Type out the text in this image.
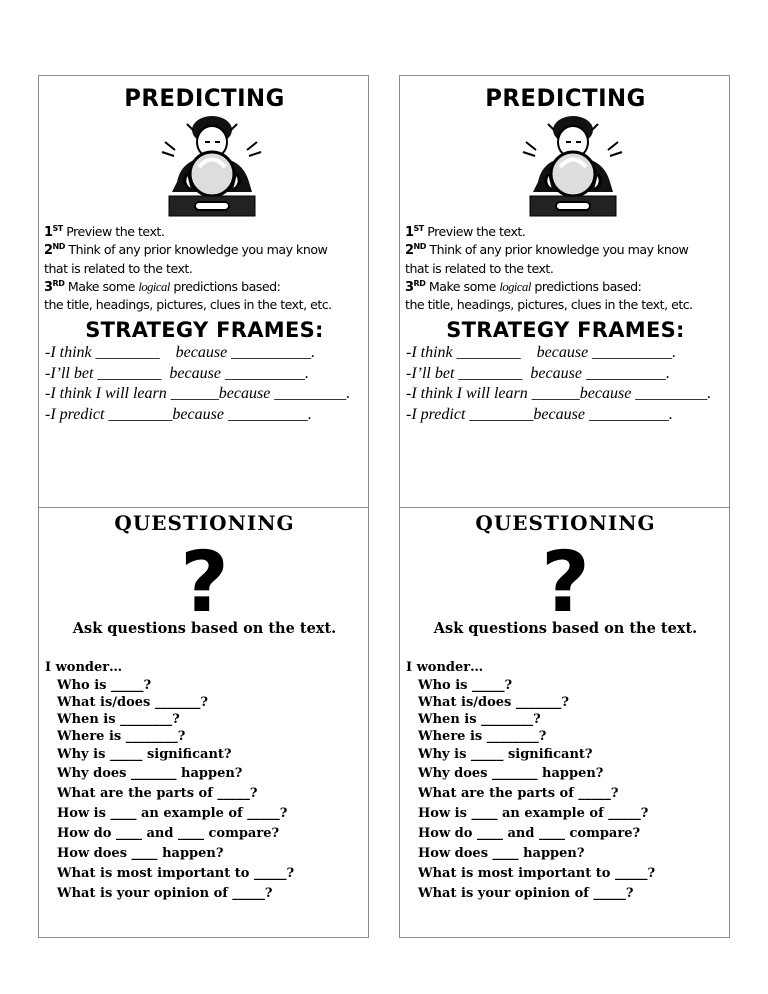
PREDICTING
1ST Preview the text.
2ND Think of any prior knowledge you may know
that is related to the text.
3RD Make some logical predictions based:
the title, headings, pictures, clues in the text, etc.
STRATEGY FRAMES:
-I think ________    because __________.
-I’ll bet ________  because __________.
-I think I will learn ______because _________.
-I predict ________because __________.
QUESTIONING
?
Ask questions based on the text.
I wonder…
Who is _____?
What is/does _______?
When is ________?
Where is ________?
Why is _____ significant?
Why does _______ happen?
What are the parts of _____?
How is ____ an example of _____?
How do ____ and ____ compare?
How does ____ happen?
What is most important to _____?
What is your opinion of _____?
PREDICTING
1ST Preview the text.
2ND Think of any prior knowledge you may know
that is related to the text.
3RD Make some logical predictions based:
the title, headings, pictures, clues in the text, etc.
STRATEGY FRAMES:
-I think ________    because __________.
-I’ll bet ________  because __________.
-I think I will learn ______because _________.
-I predict ________because __________.
QUESTIONING
?
Ask questions based on the text.
I wonder…
Who is _____?
What is/does _______?
When is ________?
Where is ________?
Why is _____ significant?
Why does _______ happen?
What are the parts of _____?
How is ____ an example of _____?
How do ____ and ____ compare?
How does ____ happen?
What is most important to _____?
What is your opinion of _____?
